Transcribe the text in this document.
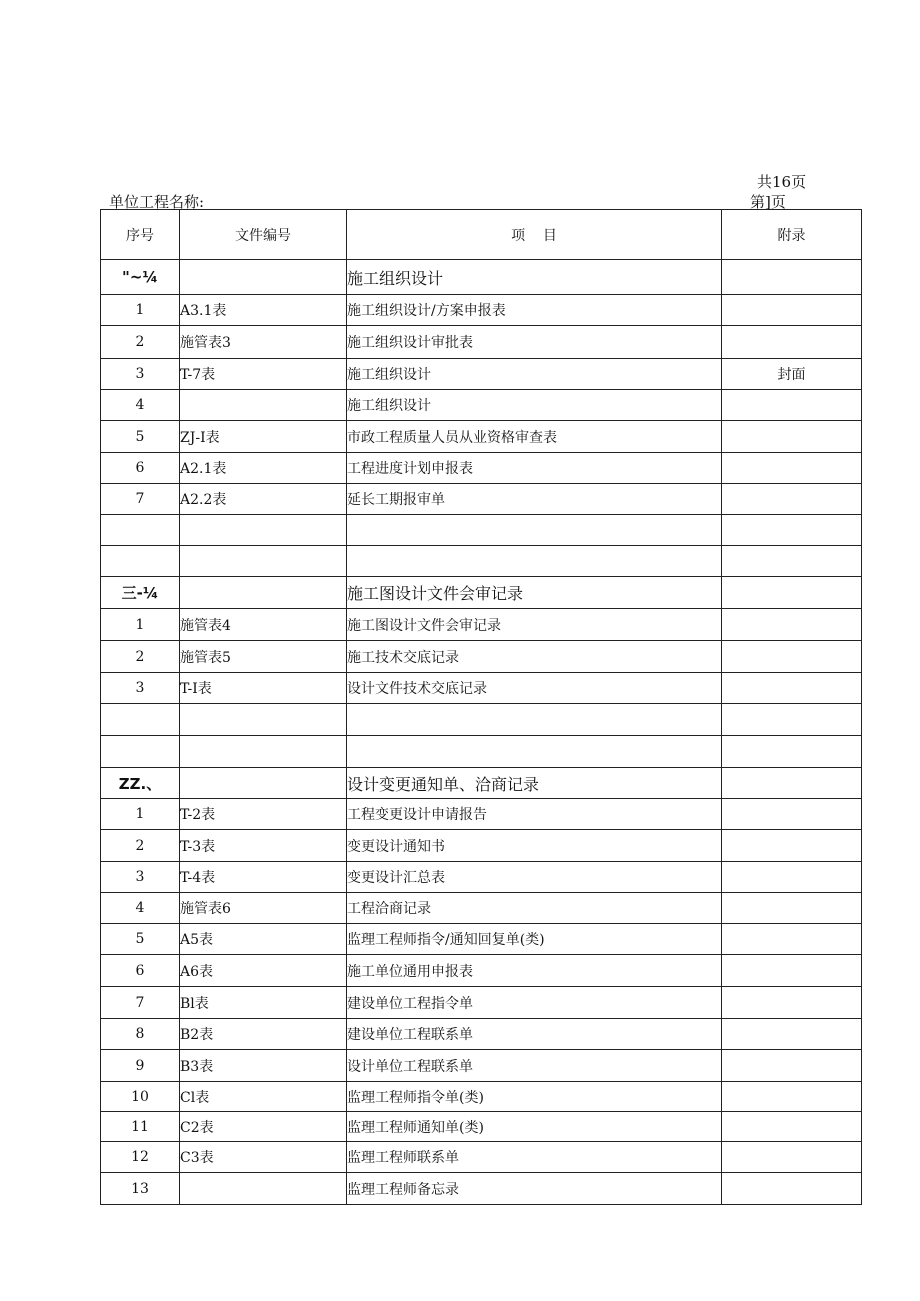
共16页
单位工程名称:	第]页
序号	文件编号	项    目	附录
"~¼		施工组织设计	
1	A3.1表	施工组织设计/方案申报表	
2	施管表3	施工组织设计审批表	
3	T-7表	施工组织设计	封面
4		施工组织设计	
5	ZJ-I表	市政工程质量人员从业资格审查表	
6	A2.1表	工程进度计划申报表	
7	A2.2表	延长工期报审单	

三-¼		施工图设计文件会审记录	
1	施管表4	施工图设计文件会审记录	
2	施管表5	施工技术交底记录	
3	T-I表	设计文件技术交底记录	

ZZ.、		设计变更通知单、洽商记录	
1	T-2表	工程变更设计申请报告	
2	T-3表	变更设计通知书	
3	T-4表	变更设计汇总表	
4	施管表6	工程洽商记录	
5	A5表	监理工程师指令/通知回复单(类)	
6	A6表	施工单位通用申报表	
7	Bl表	建设单位工程指令单	
8	B2表	建设单位工程联系单	
9	B3表	设计单位工程联系单	
10	Cl表	监理工程师指令单(类)	
11	C2表	监理工程师通知单(类)	
12	C3表	监理工程师联系单	
13		监理工程师备忘录	
